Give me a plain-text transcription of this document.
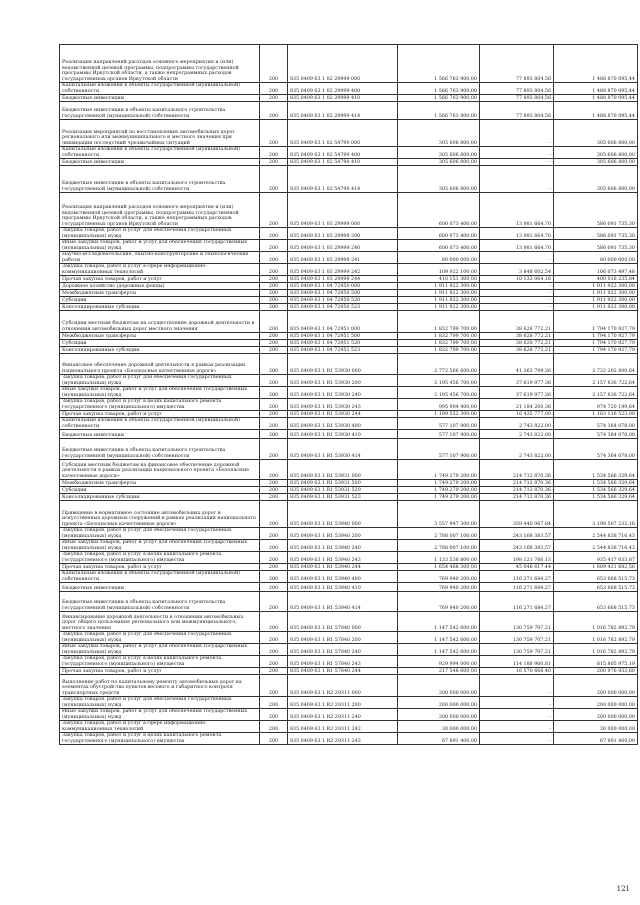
Реализация направлений расходов основного мероприятия и (или) ведомственной целевой программы, подпрограммы государственной программы Иркутской области, а также непрограммных расходов государственных органов Иркутской области	200	835 0409 63 1 02 29999 000	1 566 763 900,00	77 893 804,56	1 488 870 095,44
Капитальные вложения в объекты государственной (муниципальной) собственности	200	835 0409 63 1 02 29999 400	1 566 763 900,00	77 893 804,56	1 488 870 095,44
Бюджетные инвестиции	200	835 0409 63 1 02 29999 410	1 566 763 900,00	77 893 804,56	1 488 870 095,44
Бюджетные инвестиции в объекты капитального строительства государственной (муниципальной) собственности	200	835 0409 63 1 02 29999 414	1 566 763 900,00	77 893 804,56	1 488 870 095,44
Реализация мероприятий по восстановлению автомобильных дорог регионального или межмуниципального и местного значения при ликвидации последствий чрезвычайных ситуаций	200	835 0409 63 1 02 54790 000	305 606 800,00	-	305 606 800,00
Капитальные вложения в объекты государственной (муниципальной) собственности	200	835 0409 63 1 02 54790 400	305 606 800,00	-	305 606 800,00
Бюджетные инвестиции	200	835 0409 63 1 02 54790 410	305 606 800,00	-	305 606 800,00
Бюджетные инвестиции в объекты капитального строительства государственной (муниципальной) собственности	200	835 0409 63 1 02 54790 414	305 606 800,00	-	305 606 800,00
Реализация направлений расходов основного мероприятия и (или) ведомственной целевой программы, подпрограммы государственной программы Иркутской области, а также непрограммных расходов государственных органов Иркутской области	200	835 0409 63 1 03 29999 000	600 073 400,00	13 981 664,70	586 091 735,30
Закупка товаров, работ и услуг для обеспечения государственных (муниципальных) нужд	200	835 0409 63 1 03 29999 200	600 073 400,00	13 981 664,70	586 091 735,30
Иные закупки товаров, работ и услуг для обеспечения государственных (муниципальных) нужд	200	835 0409 63 1 03 29999 240	600 073 400,00	13 981 664,70	586 091 735,30
Научно-исследовательские, опытно-конструкторские и технологические работы	200	835 0409 63 1 03 29999 241	80 000 000,00	-	80 000 000,00
Закупка товаров, работ и услуг в сфере информационно-коммуникационных технологий	200	835 0409 63 1 03 29999 242	109 922 100,00	3 848 602,54	106 073 497,46
Прочая закупка товаров, работ и услуг	200	835 0409 63 1 03 29999 244	410 151 300,00	10 133 064,16	400 018 235,84
Дорожное хозяйство (дорожные фонды)	200	835 0409 63 1 04 72950 000	1 911 922 300,00	-	1 911 922 300,00
Межбюджетные трансферты	200	835 0409 63 1 04 72950 500	1 911 922 300,00	-	1 911 922 300,00
Субсидии	200	835 0409 63 1 04 72950 520	1 911 922 300,00	-	1 911 922 300,00
Консолидированные субсидии	200	835 0409 63 1 04 72950 523	1 911 922 300,00	-	1 911 922 300,00
Субсидии местным бюджетам на осуществление дорожной деятельности в отношении автомобильных дорог местного значения	200	835 0409 63 1 04 72951 000	1 832 799 700,00	38 628 772,21	1 794 170 927,79
Межбюджетные трансферты	200	835 0409 63 1 04 72951 500	1 832 799 700,00	38 628 772,21	1 794 170 927,79
Субсидии	200	835 0409 63 1 04 72951 520	1 832 799 700,00	38 628 772,21	1 794 170 927,79
Консолидированные субсидии	200	835 0409 63 1 04 72951 523	1 832 799 700,00	38 628 772,21	1 794 170 927,79
Финансовое обеспечение дорожной деятельности в рамках реализации национального проекта «Безопасные качественные дороги»	200	835 0409 63 1 R1 53930 000	2 772 566 600,00	41 363 799,36	2 732 202 800,64
Закупка товаров, работ и услуг для обеспечения государственных (муниципальных) нужд	200	835 0409 63 1 R1 53930 200	2 195 456 700,00	37 619 977,36	2 157 836 722,64
Иные закупки товаров, работ и услуг для обеспечения государственных (муниципальных) нужд	200	835 0409 63 1 R1 53930 240	2 195 456 700,00	37 619 977,36	2 157 836 722,64
Закупка товаров, работ и услуг в целях капитального ремонта государственного (муниципального) имущества	200	835 0409 63 1 R1 53930 243	995 904 400,00	21 184 200,36	974 720 199,64
Прочая закупка товаров, работ и услуг	200	835 0409 63 1 R1 53930 244	1 199 552 300,00	16 435 777,00	1 183 116 523,00
Капитальные вложения в объекты государственной (муниципальной) собственности	200	835 0409 63 1 R1 53930 400	577 107 900,00	2 743 822,00	574 364 078,00
Бюджетные инвестиции	200	835 0409 63 1 R1 53930 410	577 107 900,00	2 743 822,00	574 364 078,00
Бюджетные инвестиции в объекты капитального строительства государственной (муниципальной) собственности	200	835 0409 63 1 R1 53930 414	577 107 900,00	2 743 822,00	574 364 078,00
Субсидии местным бюджетам на финансовое обеспечение дорожной деятельности в рамках реализации национального проекта «Безопасные качественные дороги»	200	835 0409 63 1 R1 53931 000	1 749 279 200,00	214 712 870,36	1 534 566 329,64
Межбюджетные трансферты	200	835 0409 63 1 R1 53931 500	1 749 279 200,00	214 712 870,36	1 534 566 329,64
Субсидии	200	835 0409 63 1 R1 53931 520	1 749 279 200,00	214 712 870,36	1 534 566 329,64
Консолидированные субсидии	200	835 0409 63 1 R1 53931 523	1 749 279 200,00	214 712 870,36	1 534 566 329,64
Приведение в нормативное состояние автомобильных дорог и искусственных дорожных сооружений в рамках реализации национального проекта «Безопасные качественные дороги»	200	835 0409 63 1 R1 53940 000	3 557 947 300,00	359 440 067,84	3 198 507 232,16
Закупка товаров, работ и услуг для обеспечения государственных (муниципальных) нужд	200	835 0409 63 1 R1 53940 200	2 788 007 100,00	243 168 383,57	2 544 838 716,43
Иные закупки товаров, работ и услуг для обеспечения государственных (муниципальных) нужд	200	835 0409 63 1 R1 53940 240	2 788 007 100,00	243 168 383,57	2 544 838 716,43
Закупка товаров, работ и услуг в целях капитального ремонта государственного (муниципального) имущества	200	835 0409 63 1 R1 53940 243	1 133 538 800,00	198 121 766,13	935 417 033,87
Прочая закупка товаров, работ и услуг	200	835 0409 63 1 R1 53940 244	1 654 468 300,00	45 046 617,44	1 609 421 682,56
Капитальные вложения в объекты государственной (муниципальной) собственности	200	835 0409 63 1 R1 53940 400	769 940 200,00	116 271 684,27	653 668 515,73
Бюджетные инвестиции	200	835 0409 63 1 R1 53940 410	769 940 200,00	116 271 684,27	653 668 515,73
Бюджетные инвестиции в объекты капитального строительства государственной (муниципальной) собственности	200	835 0409 63 1 R1 53940 414	769 940 200,00	116 271 684,27	653 668 515,73
Финансирование дорожной деятельности в отношении автомобильных дорог общего пользования регионального или межмуниципального, местного значения	200	835 0409 63 1 R1 57840 000	1 147 542 600,00	130 759 707,21	1 016 782 892,79
Закупка товаров, работ и услуг для обеспечения государственных (муниципальных) нужд	200	835 0409 63 1 R1 57840 200	1 147 542 600,00	130 759 707,21	1 016 782 892,79
Иные закупки товаров, работ и услуг для обеспечения государственных (муниципальных) нужд	200	835 0409 63 1 R1 57840 240	1 147 542 600,00	130 759 707,21	1 016 782 892,79
Закупка товаров, работ и услуг в целях капитального ремонта государственного (муниципального) имущества	200	835 0409 63 1 R1 57840 243	929 994 000,00	114 188 960,81	815 805 975,19
Прочая закупка товаров, работ и услуг	200	835 0409 63 1 R1 57840 244	217 548 600,00	16 570 666,40	200 976 933,60
Выполнение работ по капитальному ремонту автомобильных дорог на элементах обустройства пунктов весового и габаритного контроля транспортных средств	200	835 0409 63 1 R2 29311 000	200 000 000,00	-	200 000 000,00
Закупка товаров, работ и услуг для обеспечения государственных (муниципальных) нужд	200	835 0409 63 1 R2 29311 200	200 000 000,00	-	200 000 000,00
Иные закупки товаров, работ и услуг для обеспечения государственных (муниципальных) нужд	200	835 0409 63 1 R2 29311 240	200 000 000,00	-	200 000 000,00
Закупка товаров, работ и услуг в сфере информационно-коммуникационных технологий	200	835 0409 63 1 R2 29311 242	30 000 000,00	-	30 000 000,00
Закупка товаров, работ и услуг в целях капитального ремонта государственного (муниципального) имущества	200	835 0409 63 1 R2 29311 243	67 891 400,00	-	67 891 400,00
121
